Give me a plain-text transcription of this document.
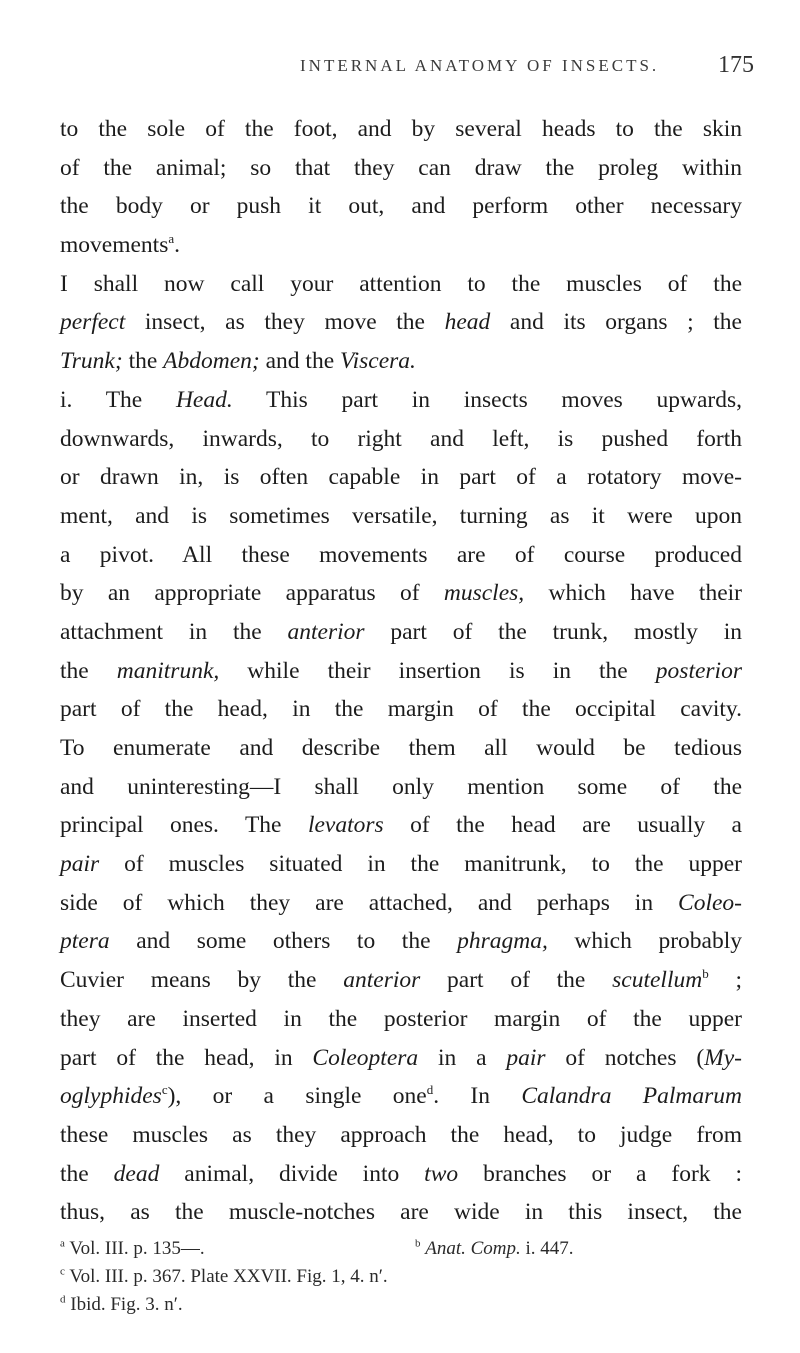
INTERNAL ANATOMY OF INSECTS. 175
to the sole of the foot, and by several heads to the skin
of the animal; so that they can draw the proleg within
the body or push it out, and perform other necessary
movements$^a$.
I shall now call your attention to the muscles of the
perfect insect, as they move the head and its organs ; the
Trunk; the Abdomen; and the Viscera.
i. The Head. This part in insects moves upwards,
downwards, inwards, to right and left, is pushed forth
or drawn in, is often capable in part of a rotatory move-
ment, and is sometimes versatile, turning as it were upon
a pivot. All these movements are of course produced
by an appropriate apparatus of muscles, which have their
attachment in the anterior part of the trunk, mostly in
the manitrunk, while their insertion is in the posterior
part of the head, in the margin of the occipital cavity.
To enumerate and describe them all would be tedious
and uninteresting—I shall only mention some of the
principal ones. The levators of the head are usually a
pair of muscles situated in the manitrunk, to the upper
side of which they are attached, and perhaps in Coleo-
ptera and some others to the phragma, which probably
Cuvier means by the anterior part of the scutellum$^b$ ;
they are inserted in the posterior margin of the upper
part of the head, in Coleoptera in a pair of notches (My-
oglyphides$^c$), or a single one$^d$. In Calandra Palmarum
these muscles as they approach the head, to judge from
the dead animal, divide into two branches or a fork :
thus, as the muscle-notches are wide in this insect, the
$^a$ Vol. III. p. 135—.	$^b$ Anat. Comp. i. 447.
$^c$ Vol. III. p. 367. Plate XXVII. Fig. 1, 4. n′.
$^d$ Ibid. Fig. 3. n′.
